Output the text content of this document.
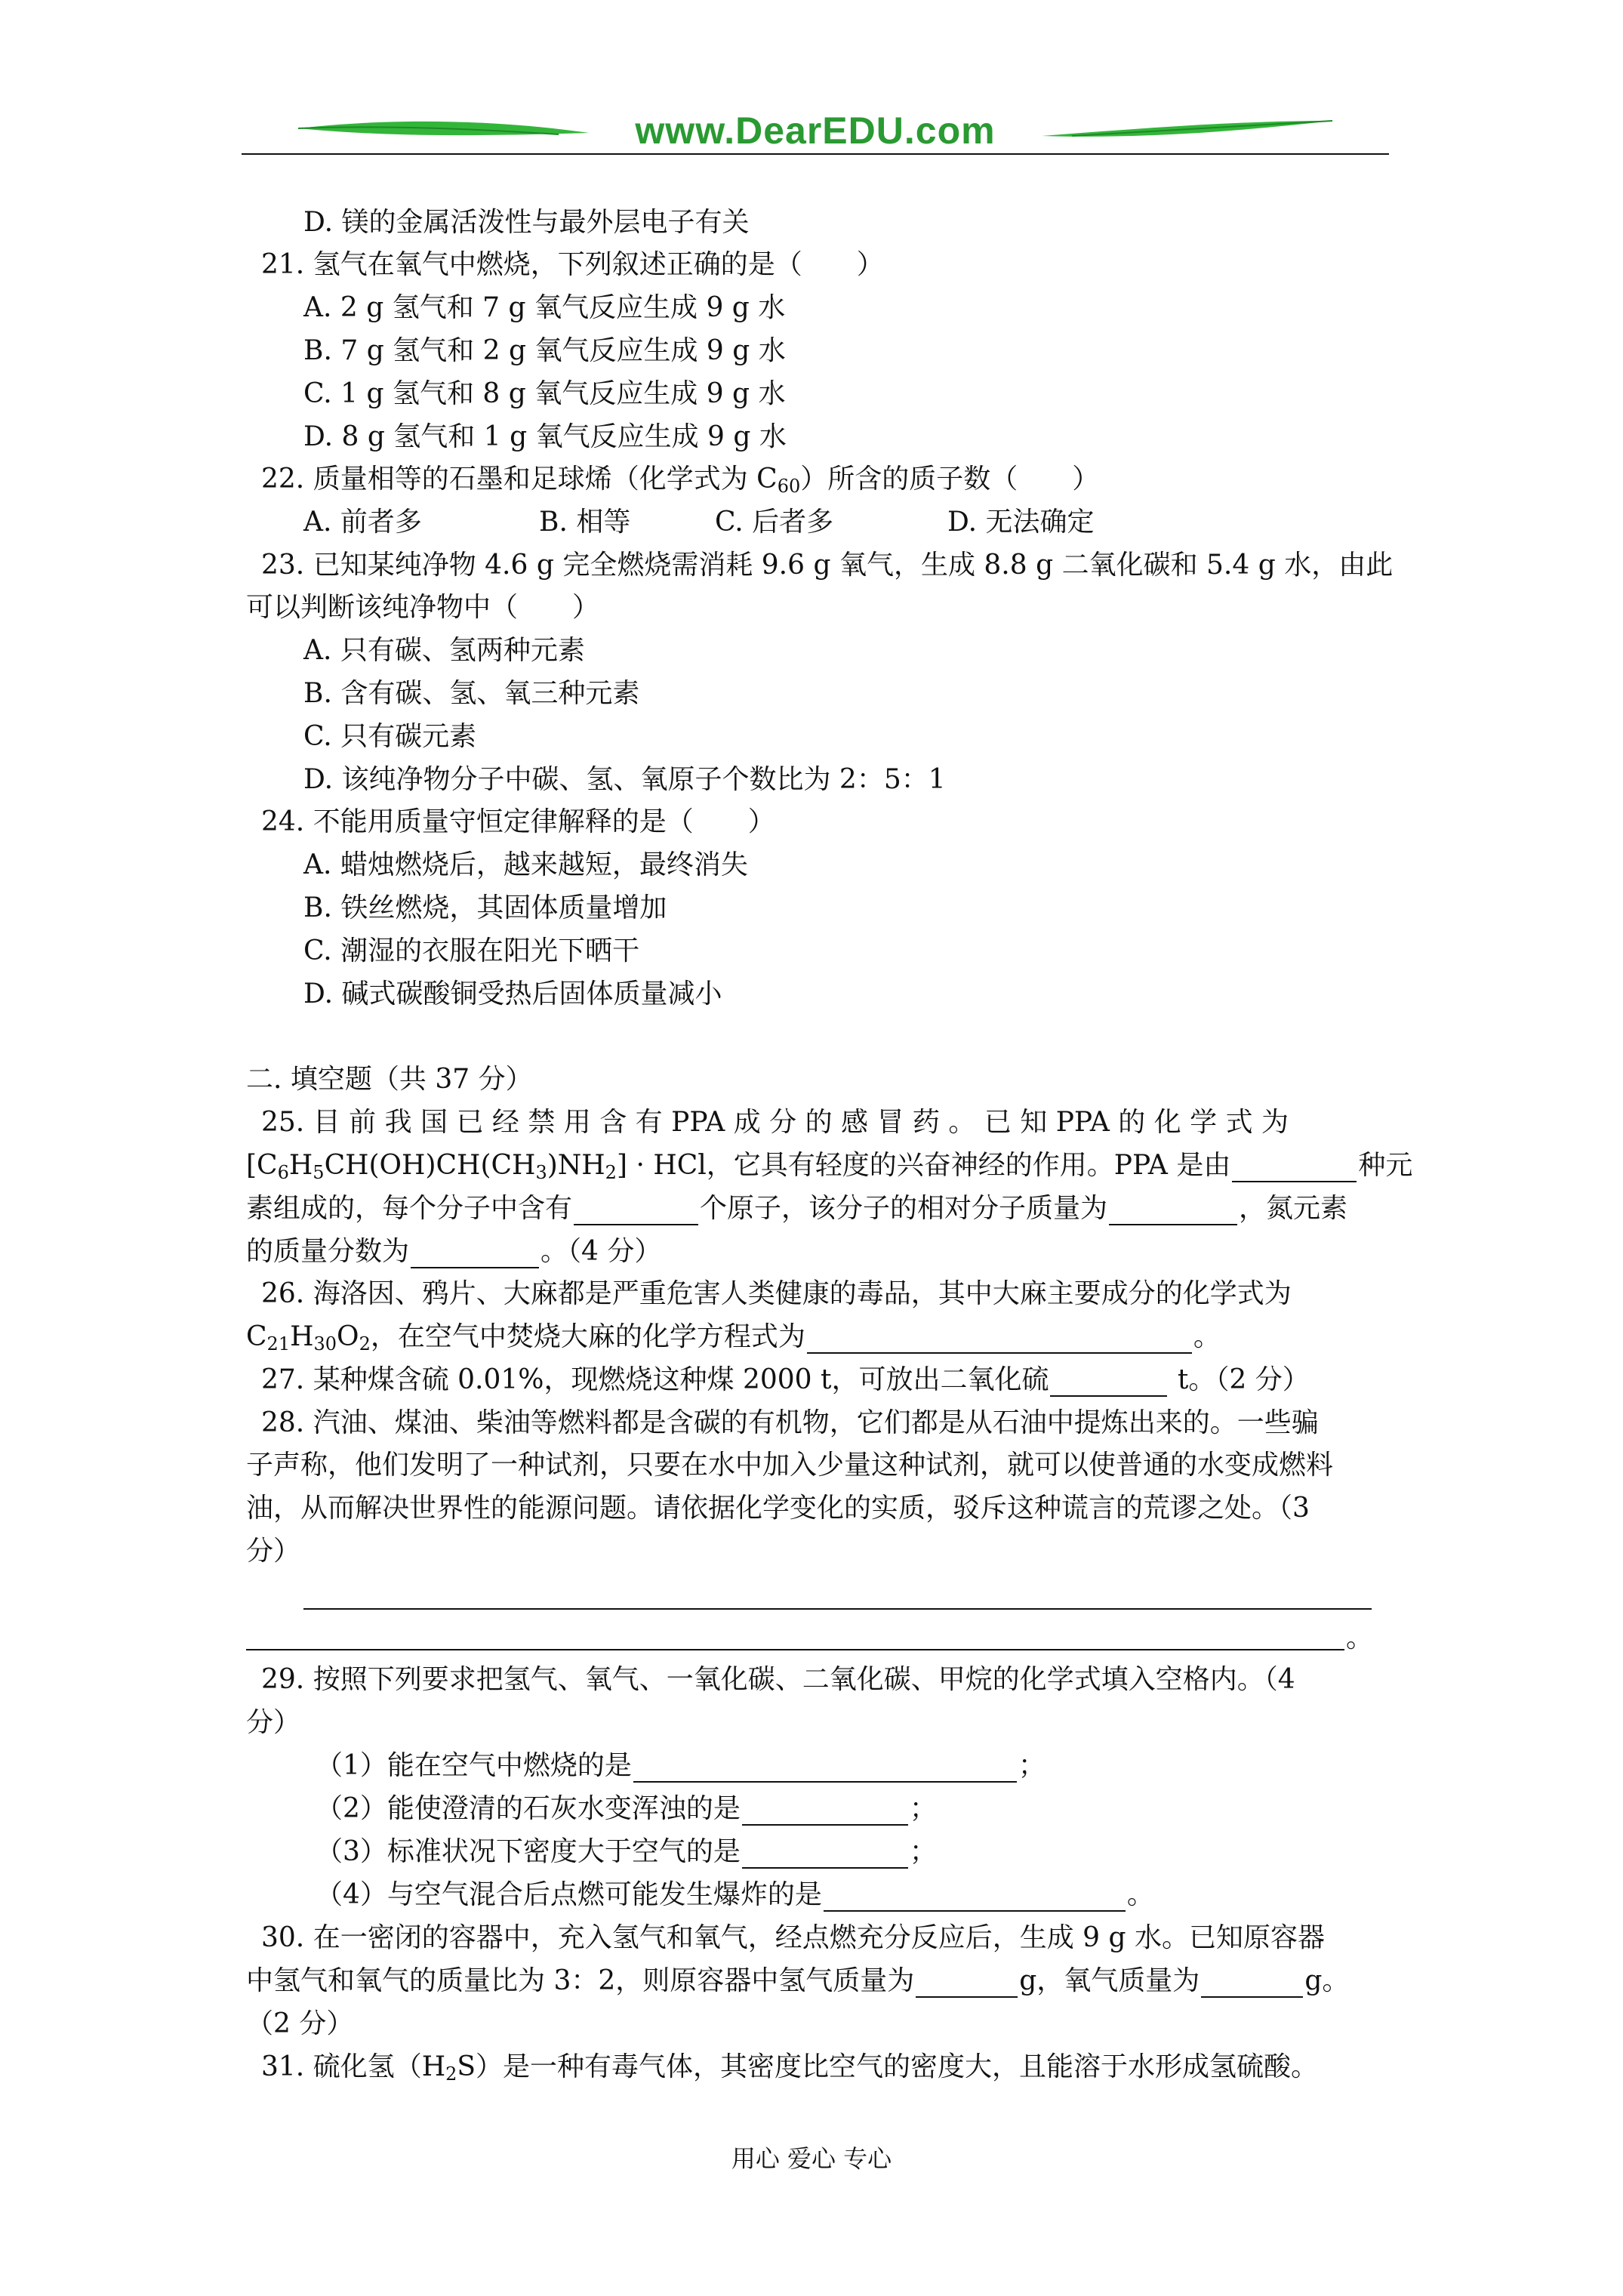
www.DearEDU.com
D. 镁的金属活泼性与最外层电子有关
21. 氢气在氧气中燃烧，下列叙述正确的是（　　）
A. 2 g 氢气和 7 g 氧气反应生成 9 g 水
B. 7 g 氢气和 2 g 氧气反应生成 9 g 水
C. 1 g 氢气和 8 g 氧气反应生成 9 g 水
D. 8 g 氢气和 1 g 氧气反应生成 9 g 水
22. 质量相等的石墨和足球烯（化学式为 $C_{60}$）所含的质子数（　　）
A. 前者多	B. 相等	C. 后者多	D. 无法确定
23. 已知某纯净物 4.6 g 完全燃烧需消耗 9.6 g 氧气，生成 8.8 g 二氧化碳和 5.4 g 水，由此
可以判断该纯净物中（　　）
A. 只有碳、氢两种元素
B. 含有碳、氢、氧三种元素
C. 只有碳元素
D. 该纯净物分子中碳、氢、氧原子个数比为 2：5：1
24. 不能用质量守恒定律解释的是（　　）
A. 蜡烛燃烧后，越来越短，最终消失
B. 铁丝燃烧，其固体质量增加
C. 潮湿的衣服在阳光下晒干
D. 碱式碳酸铜受热后固体质量减小
二. 填空题（共 37 分）
25. 目 前 我 国 已 经 禁 用 含 有 PPA 成 分 的 感 冒 药 。 已 知 PPA 的 化 学 式 为
$[C_6H_5CH(OH)CH(CH_3)NH_2]$ · HCl，它具有轻度的兴奋神经的作用。PPA 是由	种元
素组成的，每个分子中含有	个原子，该分子的相对分子质量为	，氮元素
的质量分数为	。（4 分）
26. 海洛因、鸦片、大麻都是严重危害人类健康的毒品，其中大麻主要成分的化学式为
$C_{21}H_{30}O_2$，在空气中焚烧大麻的化学方程式为	。
27. 某种煤含硫 0.01%，现燃烧这种煤 2000 t，可放出二氧化硫	t。（2 分）
28. 汽油、煤油、柴油等燃料都是含碳的有机物，它们都是从石油中提炼出来的。一些骗
子声称，他们发明了一种试剂，只要在水中加入少量这种试剂，就可以使普通的水变成燃料
油，从而解决世界性的能源问题。请依据化学变化的实质，驳斥这种谎言的荒谬之处。（3
分）
。
29. 按照下列要求把氢气、氧气、一氧化碳、二氧化碳、甲烷的化学式填入空格内。（4
分）
（1）能在空气中燃烧的是	；
（2）能使澄清的石灰水变浑浊的是	；
（3）标准状况下密度大于空气的是	；
（4）与空气混合后点燃可能发生爆炸的是	。
30. 在一密闭的容器中，充入氢气和氧气，经点燃充分反应后，生成 9 g 水。已知原容器
中氢气和氧气的质量比为 3：2，则原容器中氢气质量为	g，氧气质量为	g。
（2 分）
31. 硫化氢$(H_2S)$是一种有毒气体，其密度比空气的密度大，且能溶于水形成氢硫酸。
用心 爱心 专心
